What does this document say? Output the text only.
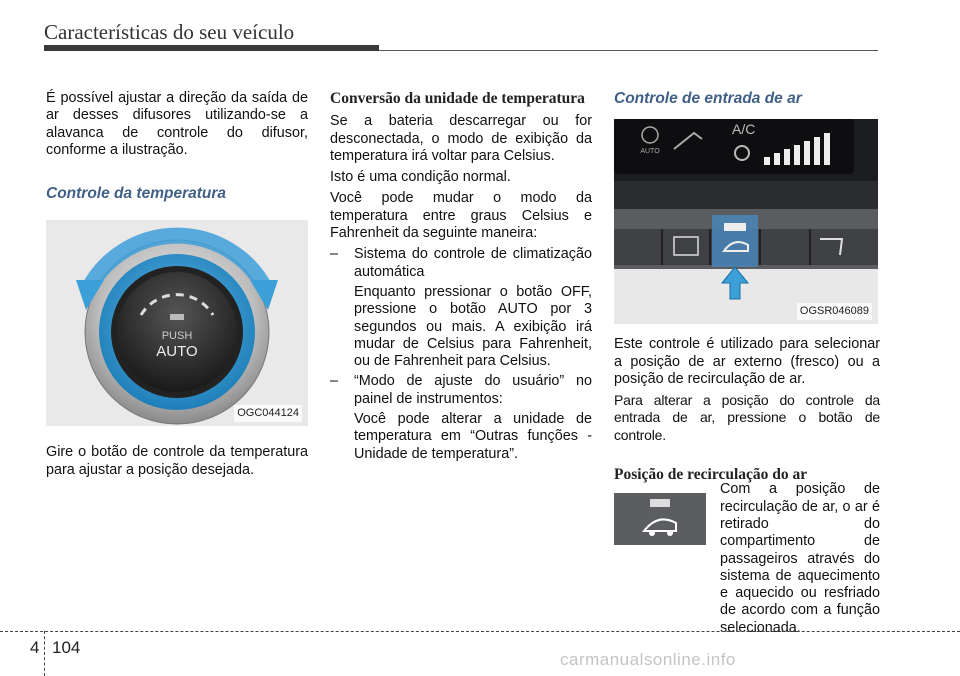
Características do seu veículo

É possível ajustar a direção da saída de ar desses difusores utilizando-se a alavanca de controle do difusor, conforme a ilustração.

Controle da temperatura
PUSH
AUTO
OGC044124

Gire o botão de controle da temperatura para ajustar a posição desejada.

Conversão da unidade de temperatura

Se a bateria descarregar ou for desconectada, o modo de exibição da temperatura irá voltar para Celsius.

Isto é uma condição normal.

Você pode mudar o modo da temperatura entre graus Celsius e Fahrenheit da seguinte maneira:

– Sistema do controle de climatização automática

Enquanto pressionar o botão OFF, pressione o botão AUTO por 3 segundos ou mais. A exibição irá mudar de Celsius para Fahrenheit, ou de Fahrenheit para Celsius.

– “Modo de ajuste do usuário” no painel de instrumentos:

Você pode alterar a unidade de temperatura em “Outras funções - Unidade de temperatura”.

Controle de entrada de ar
AUTO
A/C
OGSR046089

Este controle é utilizado para selecionar a posição de ar externo (fresco) ou a posição de recirculação de ar.

Para alterar a posição do controle da entrada de ar, pressione o botão de controle.

Posição de recirculação do ar

Com a posição de recirculação de ar, o ar é retirado do compartimento de passageiros através do sistema de aquecimento e aquecido ou resfriado de acordo com a função selecionada.

4 104
carmanualsonline.info
